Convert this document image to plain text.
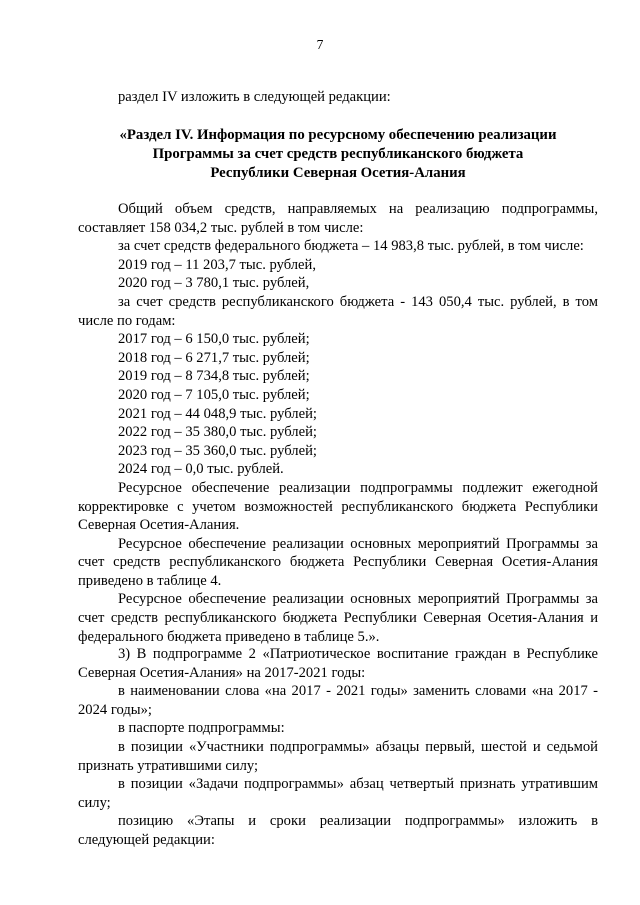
7

раздел IV изложить в следующей редакции:

«Раздел IV. Информация по ресурсному обеспечению реализации

Программы за счет средств республиканского бюджета

Республики Северная Осетия-Алания

Общий объем средств, направляемых на реализацию подпрограммы, составляет 158 034,2 тыс. рублей в том числе:

за счет средств федерального бюджета – 14 983,8 тыс. рублей, в том числе:

2019 год – 11 203,7 тыс. рублей,

2020 год – 3 780,1 тыс. рублей,

за счет средств республиканского бюджета - 143 050,4 тыс. рублей, в том числе по годам:

2017 год – 6 150,0 тыс. рублей;

2018 год – 6 271,7 тыс. рублей;

2019 год – 8 734,8 тыс. рублей;

2020 год – 7 105,0 тыс. рублей;

2021 год – 44 048,9 тыс. рублей;

2022 год – 35 380,0 тыс. рублей;

2023 год – 35 360,0 тыс. рублей;

2024 год – 0,0 тыс. рублей.

Ресурсное обеспечение реализации подпрограммы подлежит ежегодной корректировке с учетом возможностей республиканского бюджета Республики Северная Осетия-Алания.

Ресурсное обеспечение реализации основных мероприятий Программы за счет средств республиканского бюджета Республики Северная Осетия-Алания приведено в таблице 4.

Ресурсное обеспечение реализации основных мероприятий Программы за счет средств республиканского бюджета Республики Северная Осетия-Алания и федерального бюджета приведено в таблице 5.».

3) В подпрограмме 2 «Патриотическое воспитание граждан в Республике Северная Осетия-Алания» на 2017-2021 годы:

в наименовании слова «на 2017 - 2021 годы» заменить словами «на 2017 - 2024 годы»;

в паспорте подпрограммы:

в позиции «Участники подпрограммы» абзацы первый, шестой и седьмой признать утратившими силу;

в позиции «Задачи подпрограммы» абзац четвертый признать утратившим силу;

позицию «Этапы и сроки реализации подпрограммы» изложить в следующей редакции:
